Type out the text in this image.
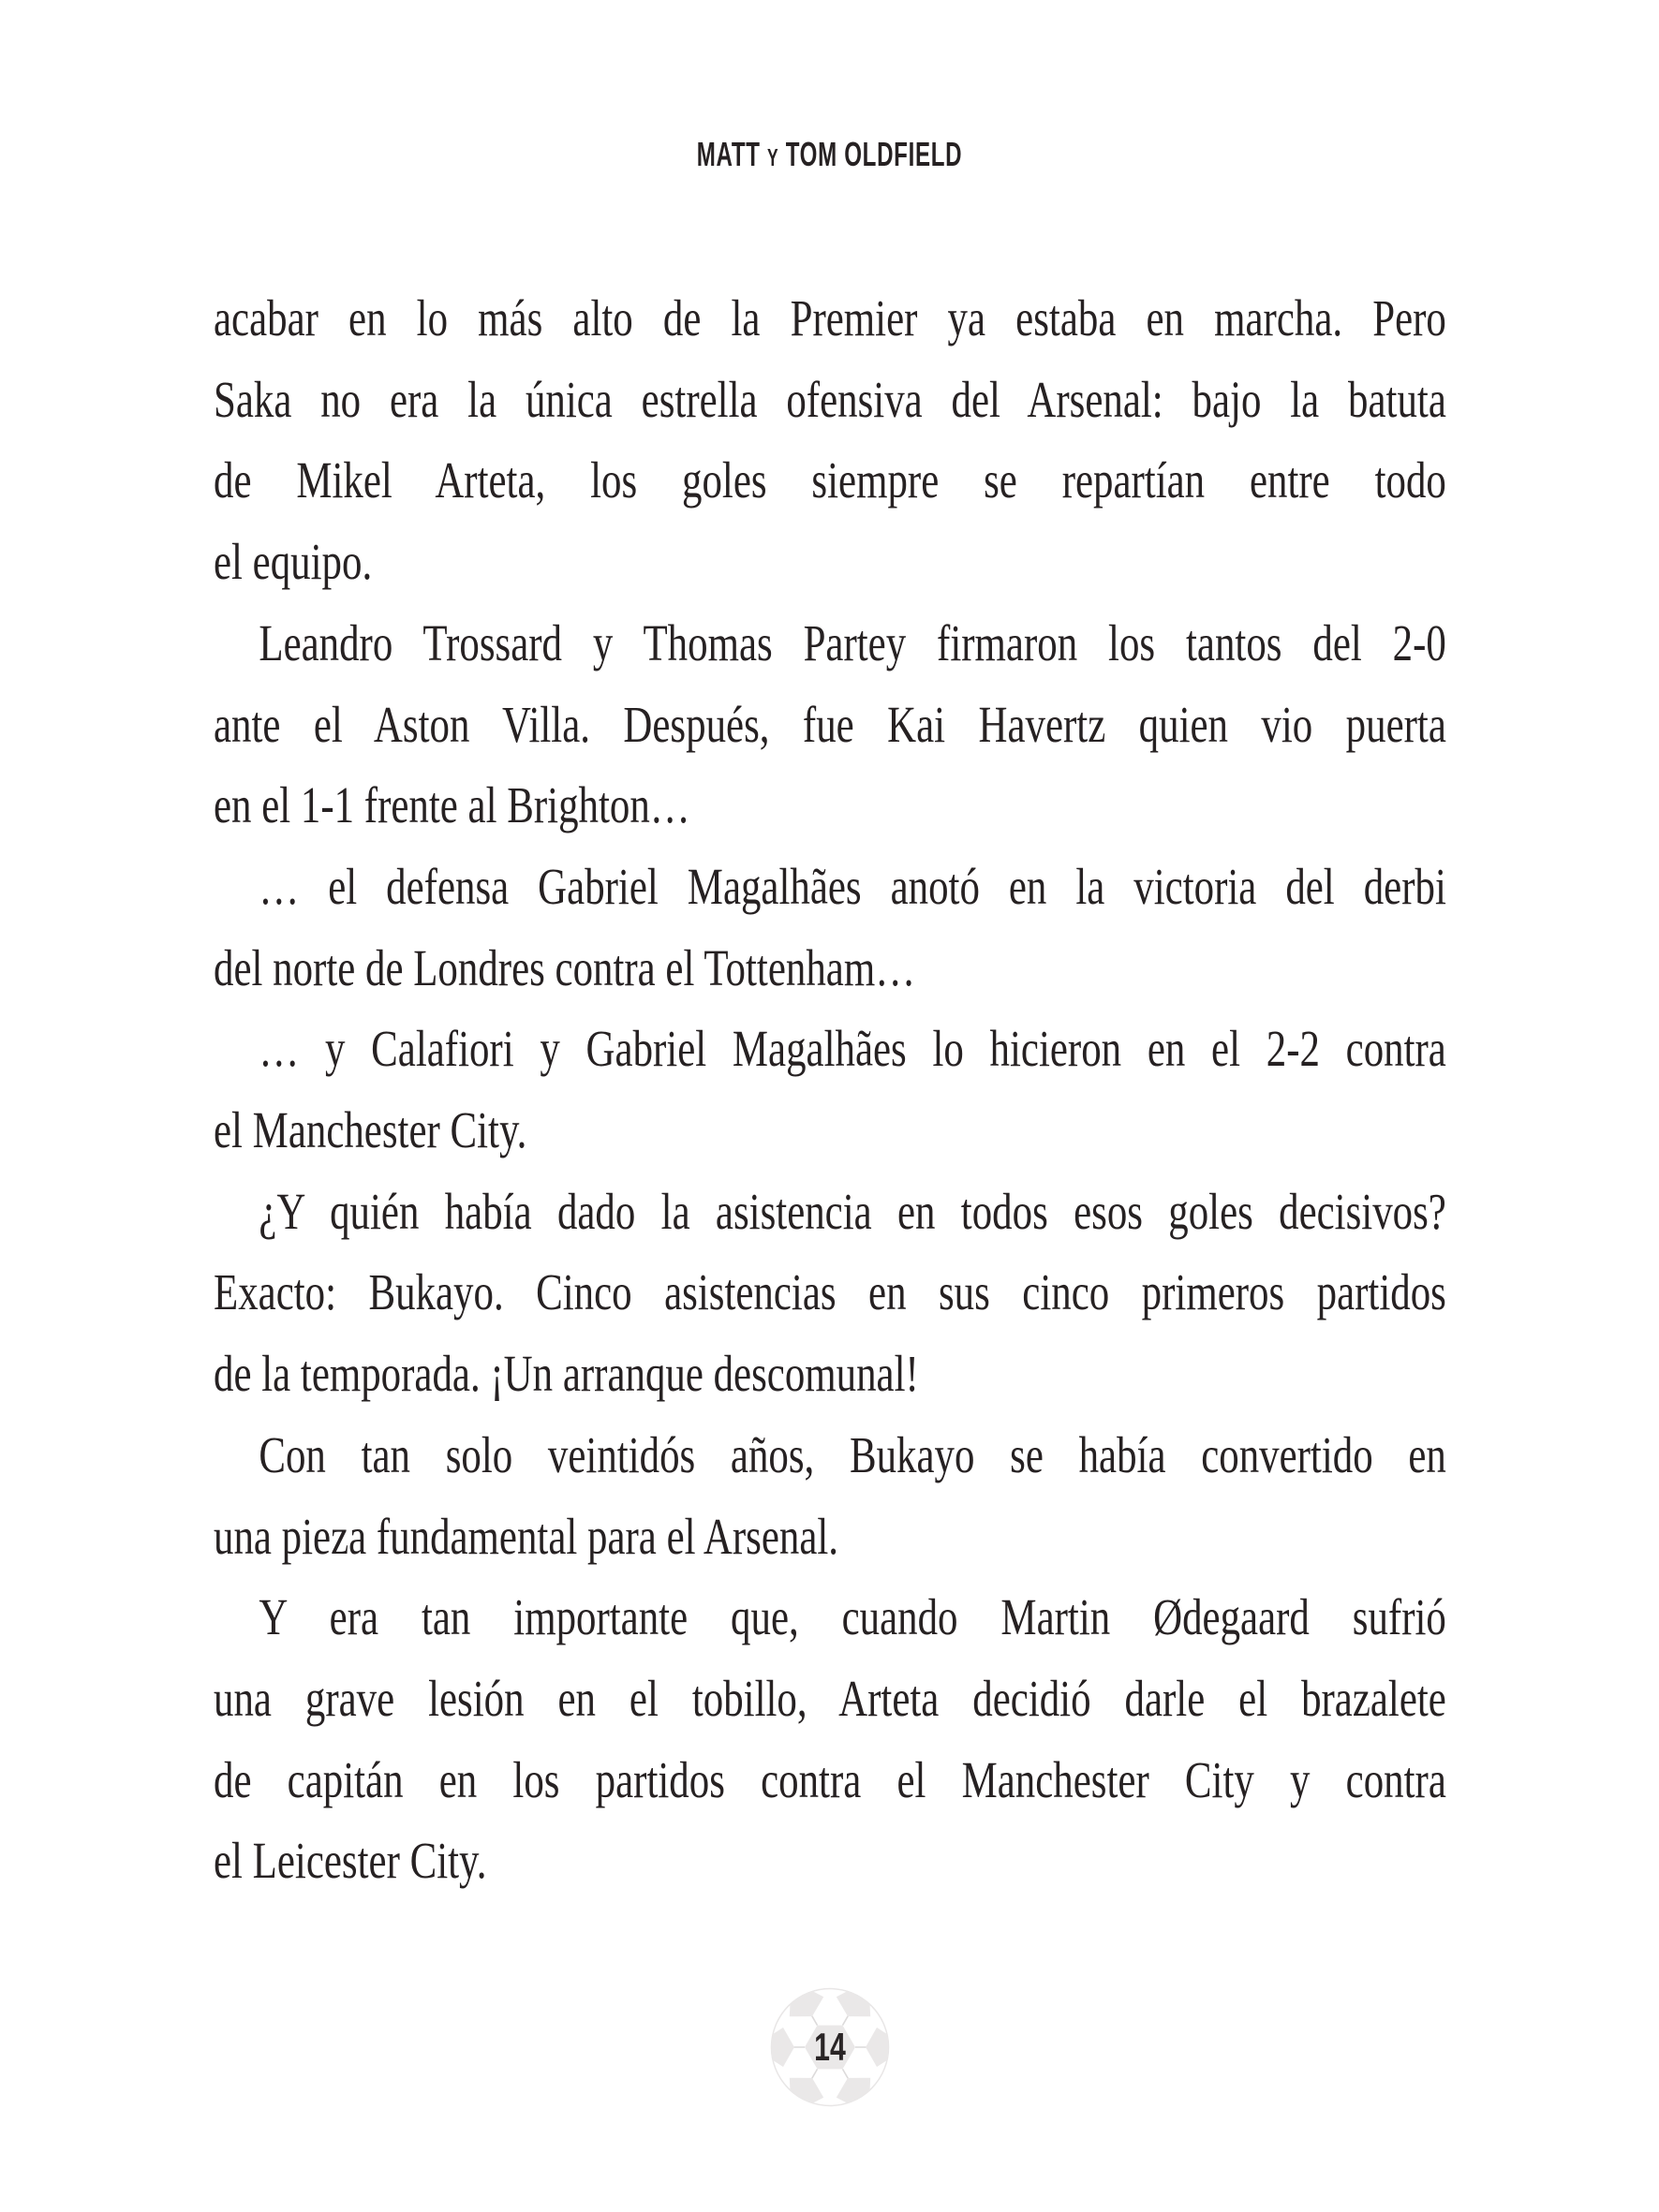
MATT Y TOM OLDFIELD

acabar en lo más alto de la Premier ya estaba en marcha. Pero
Saka no era la única estrella ofensiva del Arsenal: bajo la batuta
de Mikel Arteta, los goles siempre se repartían entre todo
el equipo.

Leandro Trossard y Thomas Partey firmaron los tantos del 2-0
ante el Aston Villa. Después, fue Kai Havertz quien vio puerta
en el 1-1 frente al Brighton…

… el defensa Gabriel Magalhães anotó en la victoria del derbi
del norte de Londres contra el Tottenham…

… y Calafiori y Gabriel Magalhães lo hicieron en el 2-2 contra
el Manchester City.

¿Y quién había dado la asistencia en todos esos goles decisivos?
Exacto: Bukayo. Cinco asistencias en sus cinco primeros partidos
de la temporada. ¡Un arranque descomunal!

Con tan solo veintidós años, Bukayo se había convertido en
una pieza fundamental para el Arsenal.

Y era tan importante que, cuando Martin Ødegaard sufrió
una grave lesión en el tobillo, Arteta decidió darle el brazalete
de capitán en los partidos contra el Manchester City y contra
el Leicester City.

14
